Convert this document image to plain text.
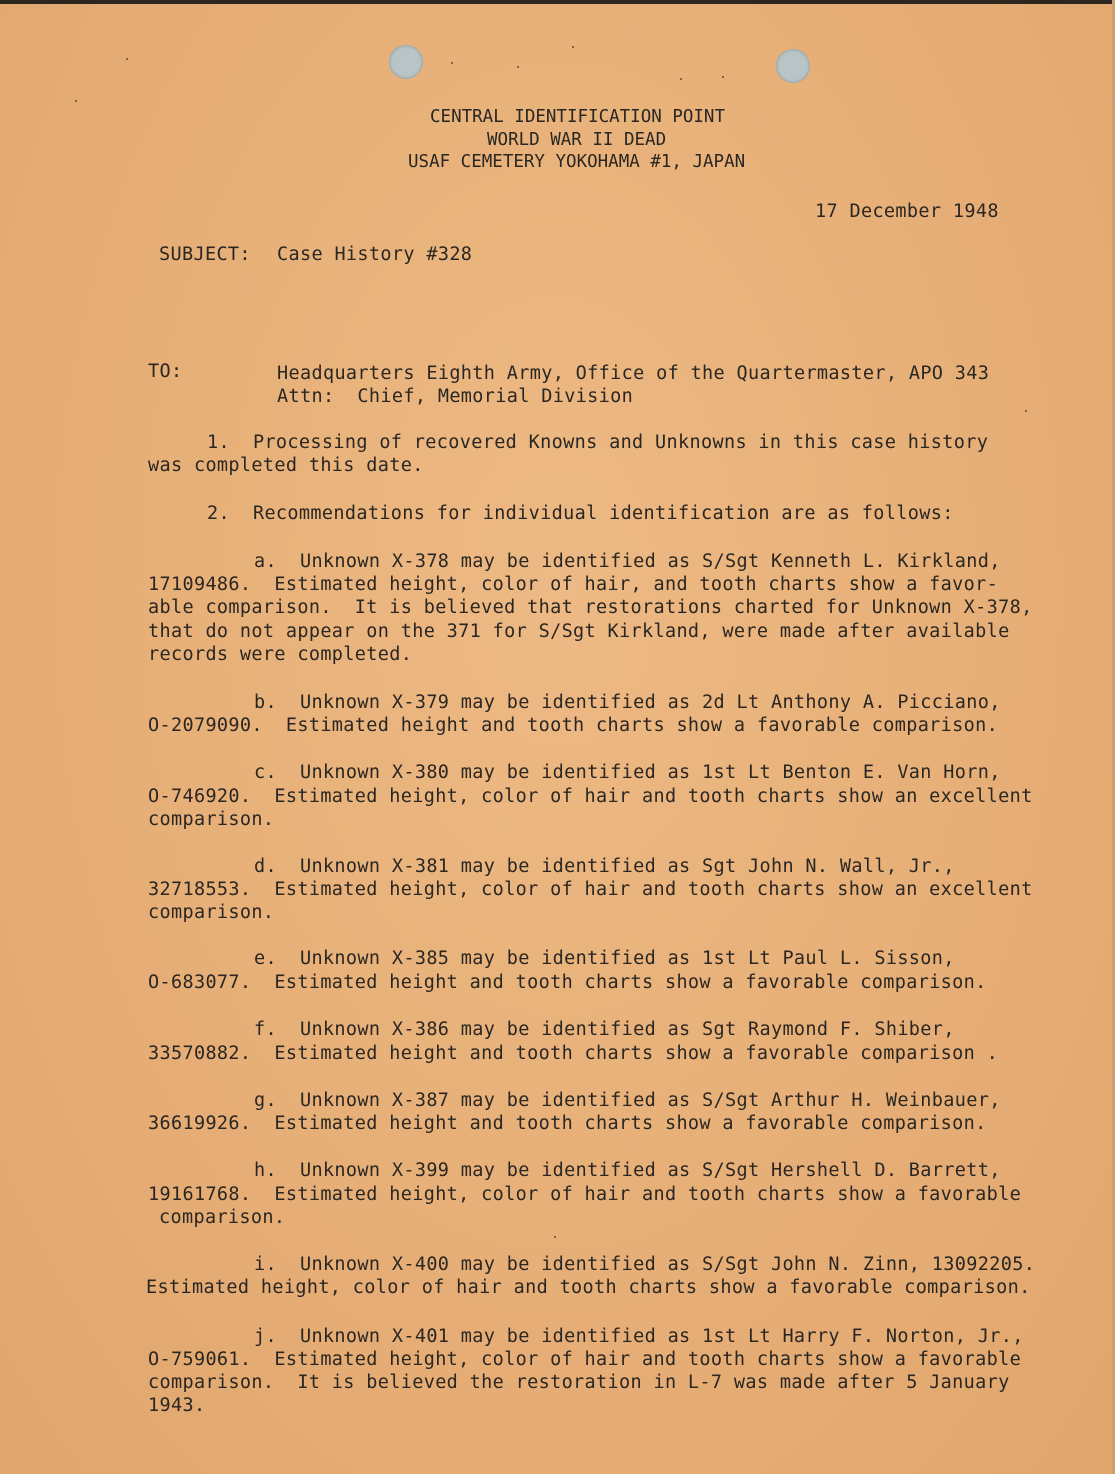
CENTRAL IDENTIFICATION POINT

WORLD WAR II DEAD

USAF CEMETERY YOKOHAMA #1, JAPAN

17 December 1948

SUBJECT: Case History #328

TO:	Headquarters Eighth Army, Office of the Quartermaster, APO 343

Attn:  Chief, Memorial Division

1.  Processing of recovered Knowns and Unknowns in this case history

was completed this date.

2.  Recommendations for individual identification are as follows:

a.  Unknown X-378 may be identified as S/Sgt Kenneth L. Kirkland,

17109486.  Estimated height, color of hair, and tooth charts show a favor-

able comparison.  It is believed that restorations charted for Unknown X-378,

that do not appear on the 371 for S/Sgt Kirkland, were made after available

records were completed.

b.  Unknown X-379 may be identified as 2d Lt Anthony A. Picciano,

O-2079090.  Estimated height and tooth charts show a favorable comparison.

c.  Unknown X-380 may be identified as 1st Lt Benton E. Van Horn,

O-746920.  Estimated height, color of hair and tooth charts show an excellent

comparison.

d.  Unknown X-381 may be identified as Sgt John N. Wall, Jr.,

32718553.  Estimated height, color of hair and tooth charts show an excellent

comparison.

e.  Unknown X-385 may be identified as 1st Lt Paul L. Sisson,

O-683077.  Estimated height and tooth charts show a favorable comparison.

f.  Unknown X-386 may be identified as Sgt Raymond F. Shiber,

33570882.  Estimated height and tooth charts show a favorable comparison .

g.  Unknown X-387 may be identified as S/Sgt Arthur H. Weinbauer,

36619926.  Estimated height and tooth charts show a favorable comparison.

h.  Unknown X-399 may be identified as S/Sgt Hershell D. Barrett,

19161768.  Estimated height, color of hair and tooth charts show a favorable

comparison.

i.  Unknown X-400 may be identified as S/Sgt John N. Zinn, 13092205.

Estimated height, color of hair and tooth charts show a favorable comparison.

j.  Unknown X-401 may be identified as 1st Lt Harry F. Norton, Jr.,

O-759061.  Estimated height, color of hair and tooth charts show a favorable

comparison.  It is believed the restoration in L-7 was made after 5 January

1943.
